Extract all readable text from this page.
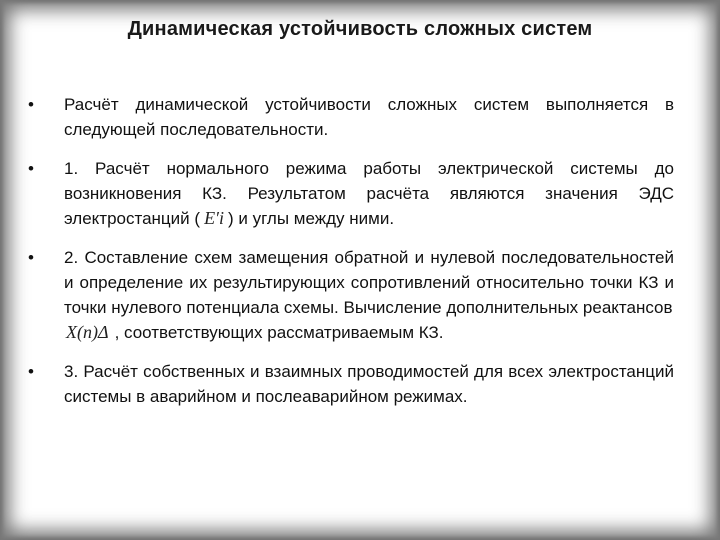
Динамическая устойчивость сложных систем
•	Расчёт динамической устойчивости сложных систем выполняется в следующей последовательности.
•	1. Расчёт нормального режима работы электрической системы до возникновения КЗ. Результатом расчёта являются значения ЭДС электростанций ( E′i ) и углы между ними.
•	2. Составление схем замещения обратной и нулевой последовательностей и определение их результирующих сопротивлений относительно точки КЗ и точки нулевого потенциала схемы. Вычисление дополнительных реактансов
X(n)Δ , соответствующих рассматриваемым КЗ.
•	3. Расчёт собственных и взаимных проводимостей для всех электростанций системы в аварийном и послеаварийном режимах.
